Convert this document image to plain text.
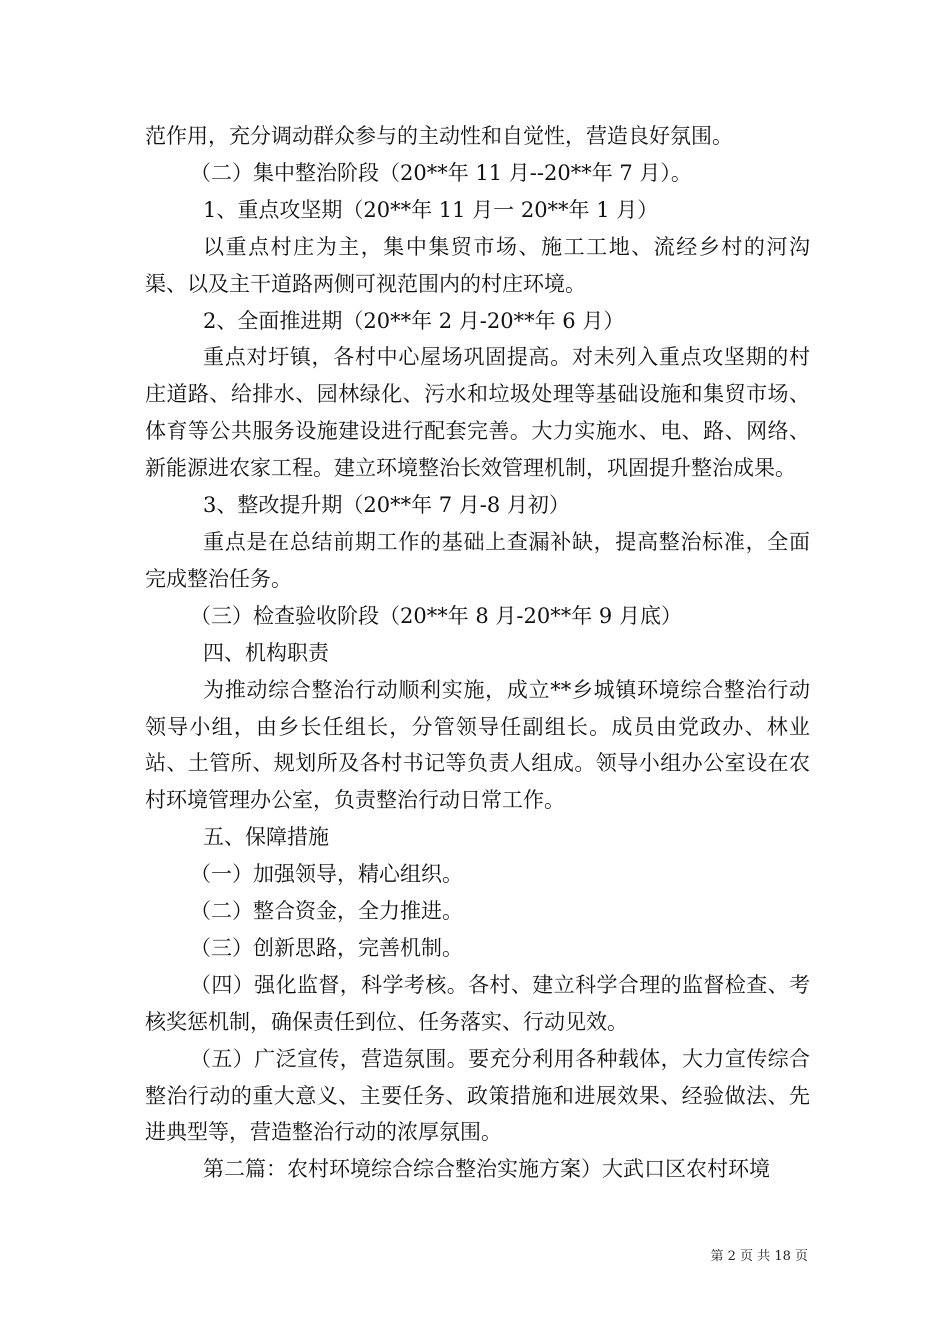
范作用，充分调动群众参与的主动性和自觉性，营造良好氛围。

（二）集中整治阶段（20**年 11 月--20**年 7 月）。

1、重点攻坚期（20**年 11 月一 20**年 1 月）

以重点村庄为主，集中集贸市场、施工工地、流经乡村的河沟渠、以及主干道路两侧可视范围内的村庄环境。

2、全面推进期（20**年 2 月-20**年 6 月）

重点对圩镇，各村中心屋场巩固提高。对未列入重点攻坚期的村庄道路、给排水、园林绿化、污水和垃圾处理等基础设施和集贸市场、体育等公共服务设施建设进行配套完善。大力实施水、电、路、网络、新能源进农家工程。建立环境整治长效管理机制，巩固提升整治成果。

3、整改提升期（20**年 7 月-8 月初）

重点是在总结前期工作的基础上查漏补缺，提高整治标准，全面完成整治任务。

（三）检查验收阶段（20**年 8 月-20**年 9 月底）

四、机构职责

为推动综合整治行动顺利实施，成立**乡城镇环境综合整治行动领导小组，由乡长任组长，分管领导任副组长。成员由党政办、林业站、土管所、规划所及各村书记等负责人组成。领导小组办公室设在农村环境管理办公室，负责整治行动日常工作。

五、保障措施

（一）加强领导，精心组织。

（二）整合资金，全力推进。

（三）创新思路，完善机制。

（四）强化监督，科学考核。各村、建立科学合理的监督检查、考核奖惩机制，确保责任到位、任务落实、行动见效。

（五）广泛宣传，营造氛围。要充分利用各种载体，大力宣传综合整治行动的重大意义、主要任务、政策措施和进展效果、经验做法、先进典型等，营造整治行动的浓厚氛围。

第二篇：农村环境综合综合整治实施方案）大武口区农村环境

第 2 页 共 18 页
